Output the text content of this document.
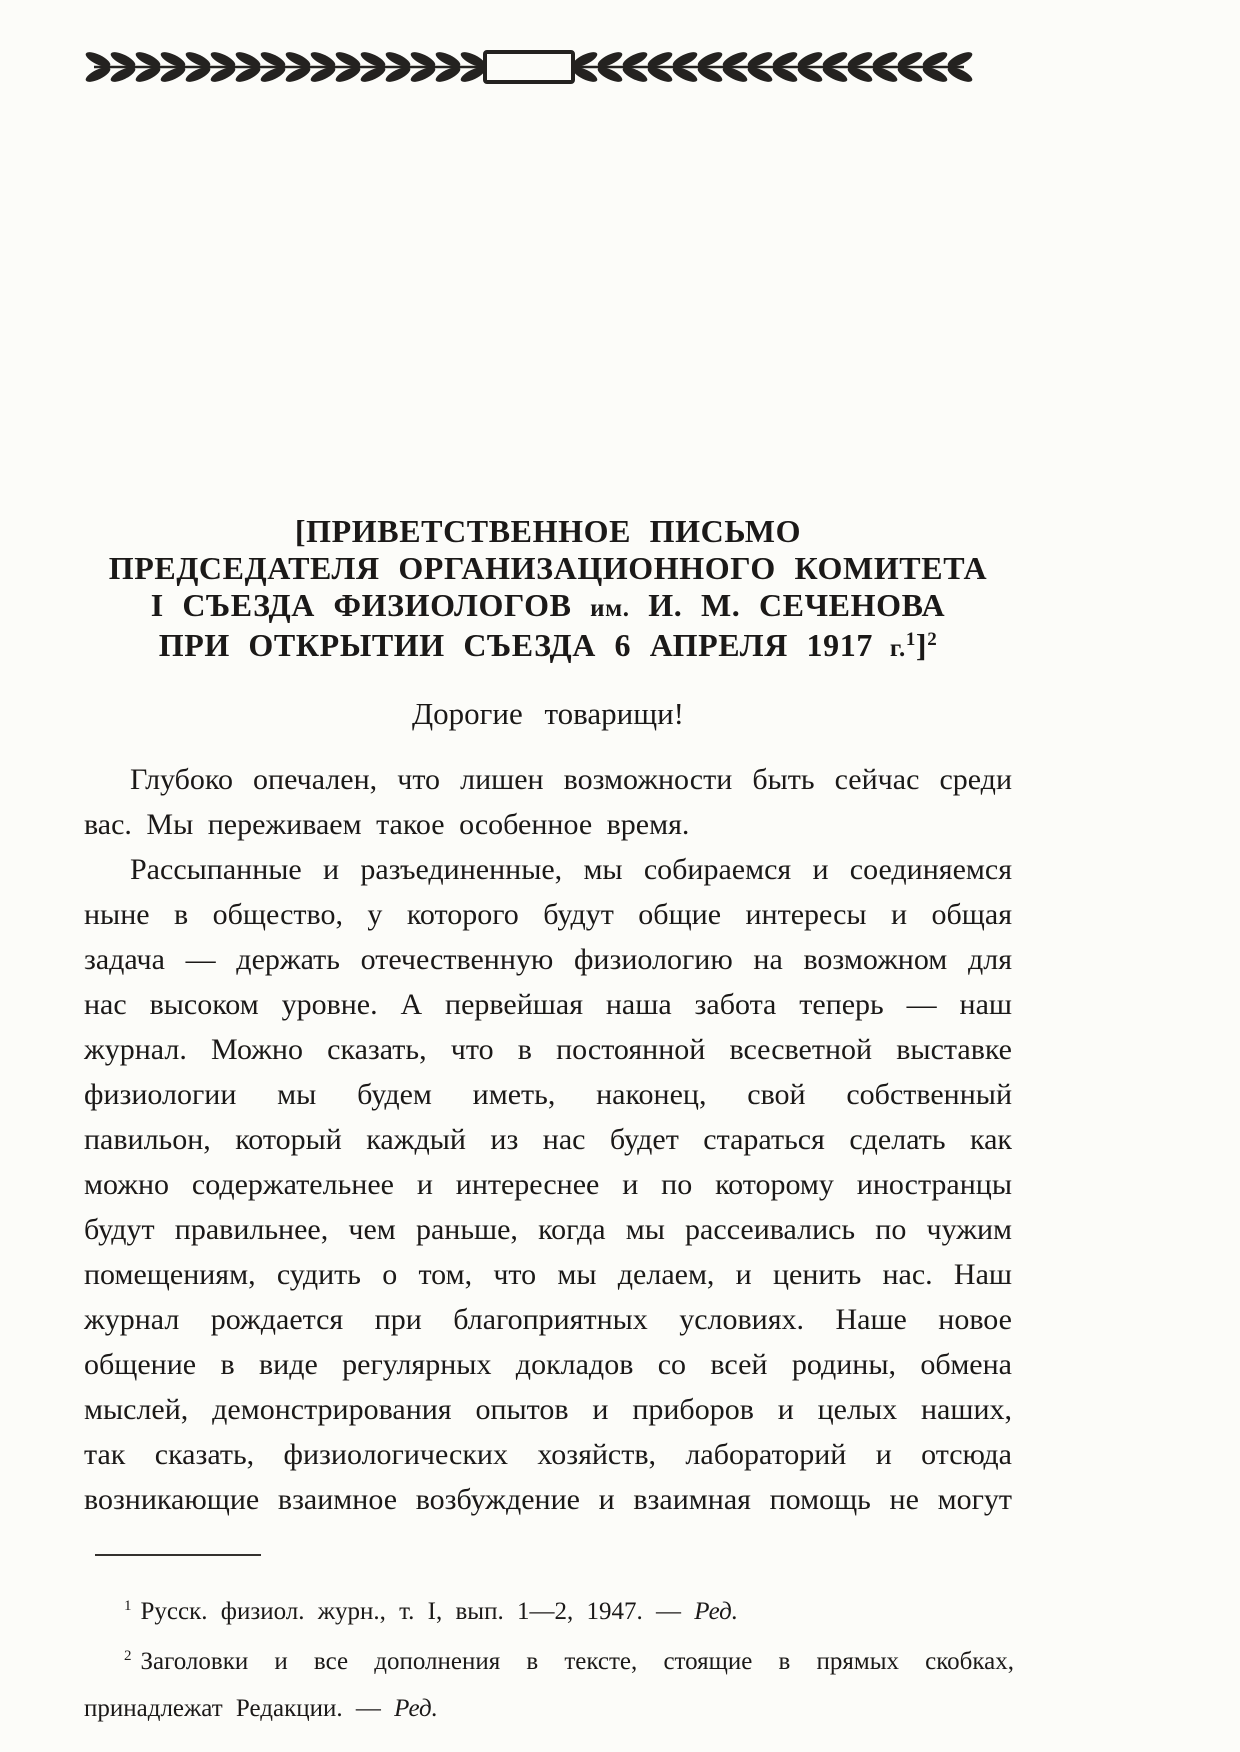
[ПРИВЕТСТВЕННОЕ ПИСЬМО
ПРЕДСЕДАТЕЛЯ ОРГАНИЗАЦИОННОГО КОМИТЕТА
I СЪЕЗДА ФИЗИОЛОГОВ им. И. М. СЕЧЕНОВА
ПРИ ОТКРЫТИИ СЪЕЗДА 6 АПРЕЛЯ 1917 г.$^1$]$^2$
Дорогие товарищи!
Глубоко опечален, что лишен возможности быть сейчас среди
вас. Мы переживаем такое особенное время.
Рассыпанные и разъединенные, мы собираемся и соединяемся
ныне в общество, у которого будут общие интересы и общая
задача — держать отечественную физиологию на возможном для
нас высоком уровне. А первейшая наша забота теперь — наш
журнал. Можно сказать, что в постоянной всесветной выставке
физиологии мы будем иметь, наконец, свой собственный
павильон, который каждый из нас будет стараться сделать как
можно содержательнее и интереснее и по которому иностранцы
будут правильнее, чем раньше, когда мы рассеивались по чужим
помещениям, судить о том, что мы делаем, и ценить нас. Наш
журнал рождается при благоприятных условиях. Наше новое
общение в виде регулярных докладов со всей родины, обмена
мыслей, демонстрирования опытов и приборов и целых наших,
так сказать, физиологических хозяйств, лабораторий и отсюда
возникающие взаимное возбуждение и взаимная помощь не могут

$^1$ Русск. физиол. журн., т. I, вып. 1—2, 1947. — Ред.

$^2$ Заголовки и все дополнения в тексте, стоящие в прямых скобках, принадлежат Редакции. — Ред.
